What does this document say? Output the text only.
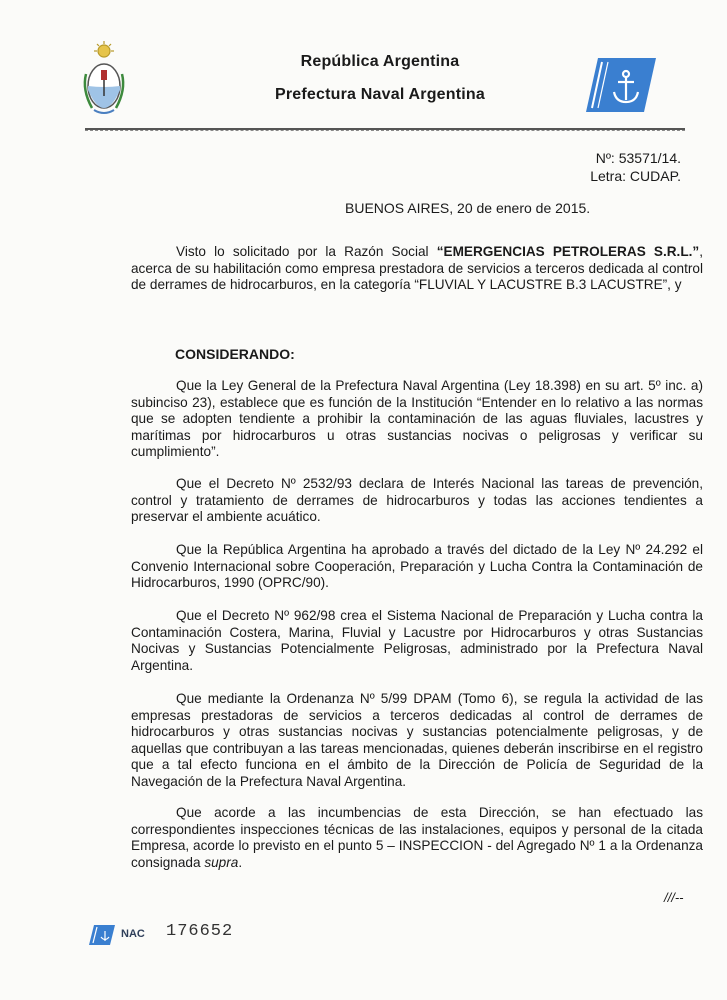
República Argentina
Prefectura Naval Argentina
Nº: 53571/14.
Letra: CUDAP.
BUENOS AIRES, 20 de enero de 2015.
Visto lo solicitado por la Razón Social “EMERGENCIAS PETROLERAS S.R.L.”, acerca de su habilitación como empresa prestadora de servicios a terceros dedicada al control de derrames de hidrocarburos, en la categoría “FLUVIAL Y LACUSTRE B.3 LACUSTRE”, y
CONSIDERANDO:
Que la Ley General de la Prefectura Naval Argentina (Ley 18.398) en su art. 5º inc. a) subinciso 23), establece que es función de la Institución “Entender en lo relativo a las normas que se adopten tendiente a prohibir la contaminación de las aguas fluviales, lacustres y marítimas por hidrocarburos u otras sustancias nocivas o peligrosas y verificar su cumplimiento”.
Que el Decreto Nº 2532/93 declara de Interés Nacional las tareas de prevención, control y tratamiento de derrames de hidrocarburos y todas las acciones tendientes a preservar el ambiente acuático.
Que la República Argentina ha aprobado a través del dictado de la Ley Nº 24.292 el Convenio Internacional sobre Cooperación, Preparación y Lucha Contra la Contaminación de Hidrocarburos, 1990 (OPRC/90).
Que el Decreto Nº 962/98 crea el Sistema Nacional de Preparación y Lucha contra la Contaminación Costera, Marina, Fluvial y Lacustre por Hidrocarburos y otras Sustancias Nocivas y Sustancias Potencialmente Peligrosas, administrado por la Prefectura Naval Argentina.
Que mediante la Ordenanza Nº 5/99 DPAM (Tomo 6), se regula la actividad de las empresas prestadoras de servicios a terceros dedicadas al control de derrames de hidrocarburos y otras sustancias nocivas y sustancias potencialmente peligrosas, y de aquellas que contribuyan a las tareas mencionadas, quienes deberán inscribirse en el registro que a tal efecto funciona en el ámbito de la Dirección de Policía de Seguridad de la Navegación de la Prefectura Naval Argentina.
Que acorde a las incumbencias de esta Dirección, se han efectuado las correspondientes inspecciones técnicas de las instalaciones, equipos y personal de la citada Empresa, acorde lo previsto en el punto 5 – INSPECCION - del Agregado Nº 1 a la Ordenanza consignada supra.
///--
NAC 176652
